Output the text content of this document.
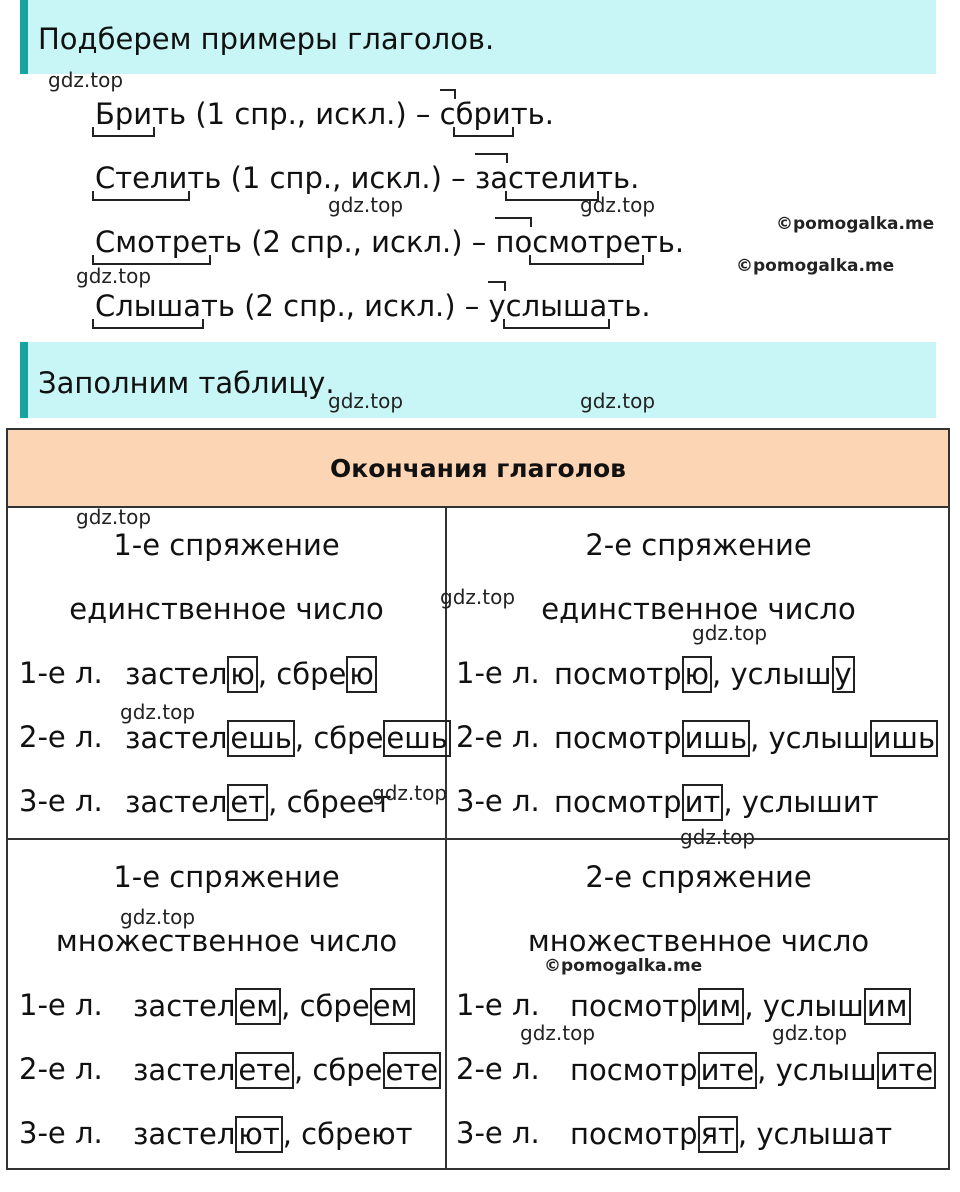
Подберем примеры глаголов.
Брить (1 спр., искл.) – сбрить.
Стелить (1 спр., искл.) – застелить.
Смотреть (2 спр., искл.) – посмотреть.
Слышать (2 спр., искл.) – услышать.
Заполним таблицу.
Окончания глаголов
1-е спряжение
единственное число
1-е л. застел ю , сбре ю
2-е л. застел ешь , сбре ешь
3-е л. застел ет , сбреет
2-е спряжение
единственное число
1-е л. посмотр ю , услыш у
2-е л. посмотр ишь , услыш ишь
3-е л. посмотр ит , услышит
1-е спряжение
множественное число
1-е л. застел ем , сбре ем
2-е л. застел ете , сбре ете
3-е л. застел ют , сбреют
2-е спряжение
множественное число
1-е л. посмотр им , услыш им
2-е л. посмотр ите , услыш ите
3-е л. посмотр ят , услышат
gdz.top
gdz.top	gdz.top
gdz.top
gdz.top	gdz.top
gdz.top
gdz.top
gdz.top
gdz.top
gdz.top
gdz.top
gdz.top
gdz.top	gdz.top
©pomogalka.me
©pomogalka.me
©pomogalka.me
